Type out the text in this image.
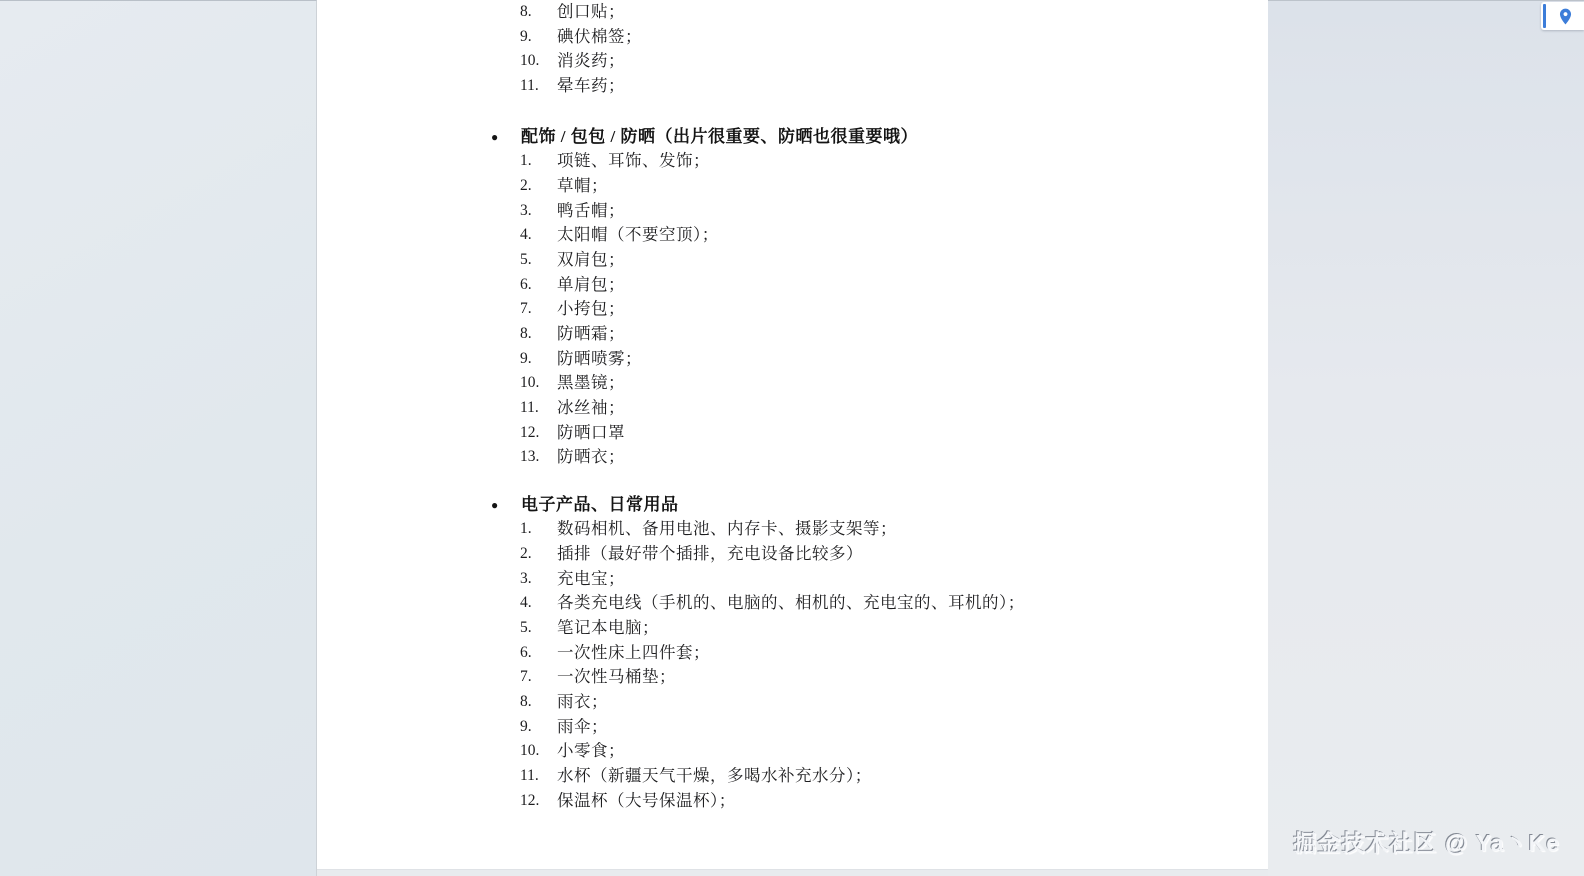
8.	创口贴；
9.	碘伏棉签；
10.	消炎药；
11.	晕车药；
●	配饰 / 包包 / 防晒（出片很重要、防晒也很重要哦）
1.	项链、耳饰、发饰；
2.	草帽；
3.	鸭舌帽；
4.	太阳帽（不要空顶）；
5.	双肩包；
6.	单肩包；
7.	小挎包；
8.	防晒霜；
9.	防晒喷雾；
10.	黑墨镜；
11.	冰丝袖；
12.	防晒口罩
13.	防晒衣；
●	电子产品、日常用品
1.	数码相机、备用电池、内存卡、摄影支架等；
2.	插排（最好带个插排，充电设备比较多）
3.	充电宝；
4.	各类充电线（手机的、电脑的、相机的、充电宝的、耳机的）；
5.	笔记本电脑；
6.	一次性床上四件套；
7.	一次性马桶垫；
8.	雨衣；
9.	雨伞；
10.	小零食；
11.	水杯（新疆天气干燥，多喝水补充水分）；
12.	保温杯（大号保温杯）；
掘金技术社区 @ Ya丶Ke
